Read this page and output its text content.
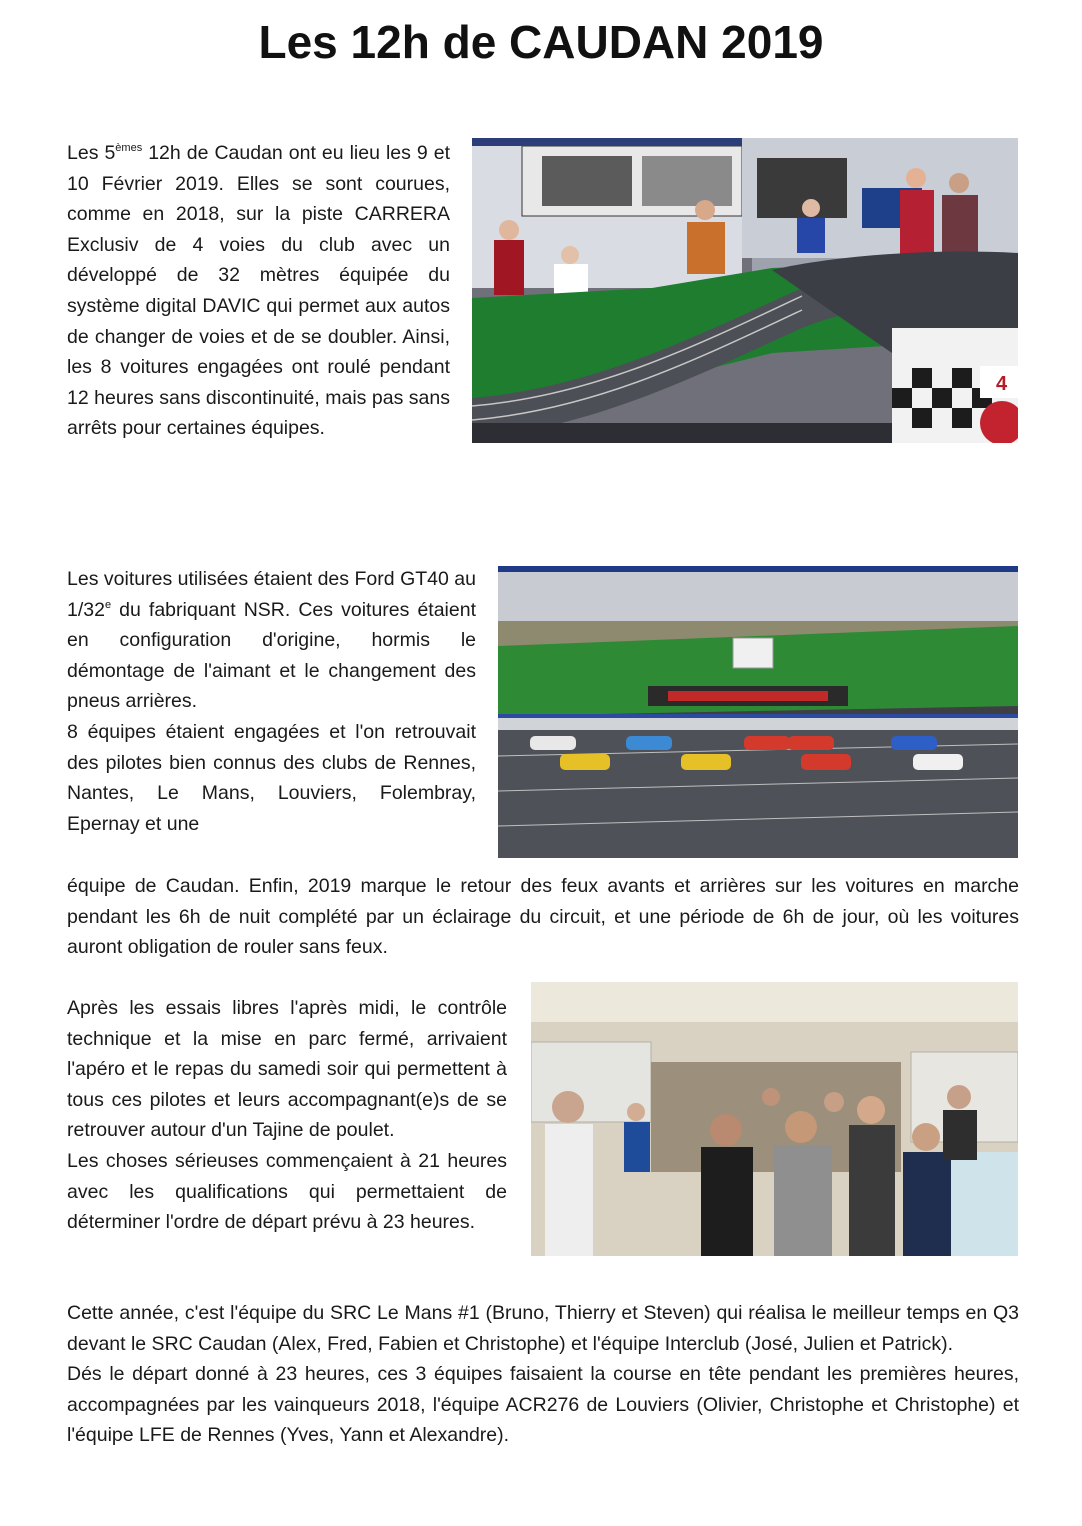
Les 12h de CAUDAN 2019

Les 5èmes 12h de Caudan ont eu lieu les 9 et 10 Février 2019. Elles se sont courues, comme en 2018, sur la piste CARRERA Exclusiv de 4 voies du club avec un développé de 32 mètres équipée du système digital DAVIC qui permet aux autos de changer de voies et de se doubler. Ainsi, les 8 voitures engagées ont roulé pendant 12 heures sans discontinuité, mais pas sans arrêts pour certaines équipes.

4

Les voitures utilisées étaient des Ford GT40 au 1/32e du fabriquant NSR. Ces voitures étaient en configuration d'origine, hormis le démontage de l'aimant et le changement des pneus arrières.

8 équipes étaient engagées et l'on retrouvait des pilotes bien connus des clubs de Rennes, Nantes, Le Mans, Louviers, Folembray, Epernay et une

équipe de Caudan. Enfin, 2019 marque le retour des feux avants et arrières sur les voitures en marche pendant les 6h de nuit complété par un éclairage du circuit, et une période de 6h de jour, où les voitures auront obligation de rouler sans feux.

Après les essais libres l'après midi, le contrôle technique et la mise en parc fermé, arrivaient l'apéro et le repas du samedi soir qui permettent à tous ces pilotes et leurs accompagnant(e)s de se retrouver autour d'un Tajine de poulet.

Les choses sérieuses commençaient à 21 heures avec les qualifications qui permettaient de déterminer l'ordre de départ prévu à 23 heures.

Cette année, c'est l'équipe du SRC Le Mans #1 (Bruno, Thierry et Steven) qui réalisa le meilleur temps en Q3 devant le SRC Caudan (Alex, Fred, Fabien et Christophe) et l'équipe Interclub (José, Julien et Patrick).

Dés le départ donné à 23 heures, ces 3 équipes faisaient la course en tête pendant les premières heures, accompagnées par les vainqueurs 2018, l'équipe ACR276 de Louviers (Olivier, Christophe et Christophe) et l'équipe LFE de Rennes (Yves, Yann et Alexandre).
